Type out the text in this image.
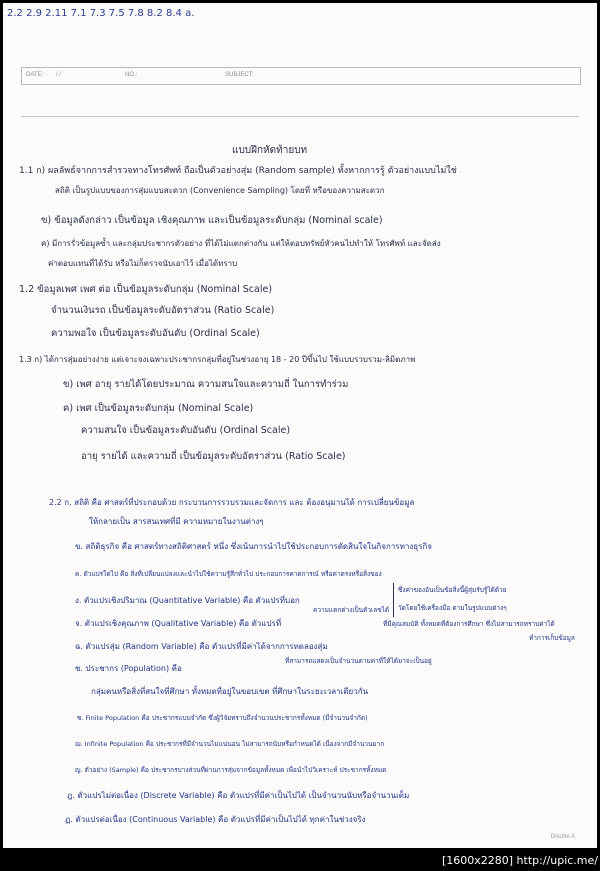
2.2 2.9 2.11 7.1 7.3 7.5 7.8 8.2 8.4 a.
DATE: / /	NO.:	SUBJECT:
แบบฝึกหัดท้ายบท
1.1 ก) ผลลัพธ์จากการสำรวจทางโทรศัพท์ ถือเป็นตัวอย่างสุ่ม (Random sample) ทั้งหากการรู้ ตัวอย่างแบบไม่ใช่
สถิติ เป็นรูปแบบของการสุ่มแบบสะดวก (Convenience Sampling) โดยที่ หรือของความสะดวก
ข) ข้อมูลดังกล่าว เป็นข้อมูล เชิงคุณภาพ และเป็นข้อมูลระดับกลุ่ม (Nominal scale)
ค) มีการรั่วข้อมูลซ้ำ และกลุ่มประชากรตัวอย่าง ที่ได้ไม่แตกต่างกัน แต่ให้ตอบทรัพย์หัวคนไปทำให้ โทรศัพท์ และจัดส่ง
ค่าตอบแทนที่ได้รับ หรือไม่ก็ตรวจนับเอาไว้ เมื่อได้ทราบ
1.2 ข้อมูลเพศ เพศ ต่อ เป็นข้อมูลระดับกลุ่ม (Nominal Scale)
จำนวนเงินรถ เป็นข้อมูลระดับอัตราส่วน (Ratio Scale)
ความพอใจ เป็นข้อมูลระดับอันดับ (Ordinal Scale)
1.3 ก) ได้การสุ่มอย่างง่าย แต่เจาะจงเฉพาะประชากรกลุ่มที่อยู่ในช่วงอายุ 18 - 20 ปีขึ้นไป ใช้แบบรวบรวม-ลิมิตภาพ
ข) เพศ อายุ รายได้โดยประมาณ ความสนใจและความถี่ ในการทำร่วม
ค) เพศ เป็นข้อมูลระดับกลุ่ม (Nominal Scale)
ความสนใจ เป็นข้อมูลระดับอันดับ (Ordinal Scale)
อายุ รายได้ และความถี่ เป็นข้อมูลระดับอัตราส่วน (Ratio Scale)
2.2 ก. สถิติ คือ ศาสตร์ที่ประกอบด้วย กระบวนการรวบรวมและจัดการ และ ต้องอนุมานได้ การเปลี่ยนข้อมูล
ให้กลายเป็น สารสนเทศที่มี ความหมายในงานต่างๆ
ข. สถิติธุรกิจ คือ ศาสตร์ทางสถิติศาสตร์ หนึ่ง ซึ่งเน้นการนำไปใช้ประกอบการตัดสินใจในกิจการทางธุรกิจ
ค. ตัวแปรใดไป คือ สิ่งที่เปลี่ยนแปลงและนำไปใช้ความรู้สึกทั่วไป ประกอบการคาดการณ์ หรือค่าตรงหรือสิ่งของ
ง. ตัวแปรเชิงปริมาณ (Quantitative Variable) คือ ตัวแปรที่บอก
ความแตกต่างเป็นตัวเลขได้
ซึ่งค่าของอันเป็นข้อสิ่งนี้ผู้สุ่มรับรู้ได้ด้วย
วัดโดยใช้เครื่องมือ ตามในรูปแบบต่างๆ
จ. ตัวแปรเชิงคุณภาพ (Qualitative Variable) คือ ตัวแปรที่
ฉ. ตัวแปรสุ่ม (Random Variable) คือ ตัวแปรที่มีค่าได้จากการทดลองสุ่ม
ช. ประชากร (Population) คือ
ที่สามารถแสดงเป็นจำนวนตามค่าที่ให้ได้มาจะเป็นอยู่
ที่มีคุณสมบัติ ทั้งหมดที่ต้องการศึกษา ซึ่งไม่สามารถทราบค่าได้
ทำการเก็บข้อมูล
กลุ่มคนหรือสิ่งที่สนใจที่ศึกษา ทั้งหมดที่อยู่ในขอบเขต ที่ศึกษาในระยะเวลาเดียวกัน
ซ. Finite Population คือ ประชากรแบบจำกัด ซึ่งผู้วิจัยทราบถึงจำนวนประชากรทั้งหมด (มีจำนวนจำกัด)
ฌ. Infinite Population คือ ประชากรที่มีจำนวนไม่แน่นอน ไม่สามารถนับหรือกำหนดได้ เนื่องจากมีจำนวนมาก
ญ. ตัวอย่าง (Sample) คือ ประชากรบางส่วนที่ผ่านการสุ่มจากข้อมูลทั้งหมด เพื่อนำไปวิเคราะห์ ประชากรทั้งหมด
ฎ. ตัวแปรไม่ต่อเนื่อง (Discrete Variable) คือ ตัวแปรที่มีค่าเป็นไปได้ เป็นจำนวนนับหรือจำนวนเต็ม
ฏ. ตัวแปรต่อเนื่อง (Continuous Variable) คือ ตัวแปรที่มีค่าเป็นไปได้ ทุกค่าในช่วงจริง
Double A
[1600x2280] http://upic.me/
